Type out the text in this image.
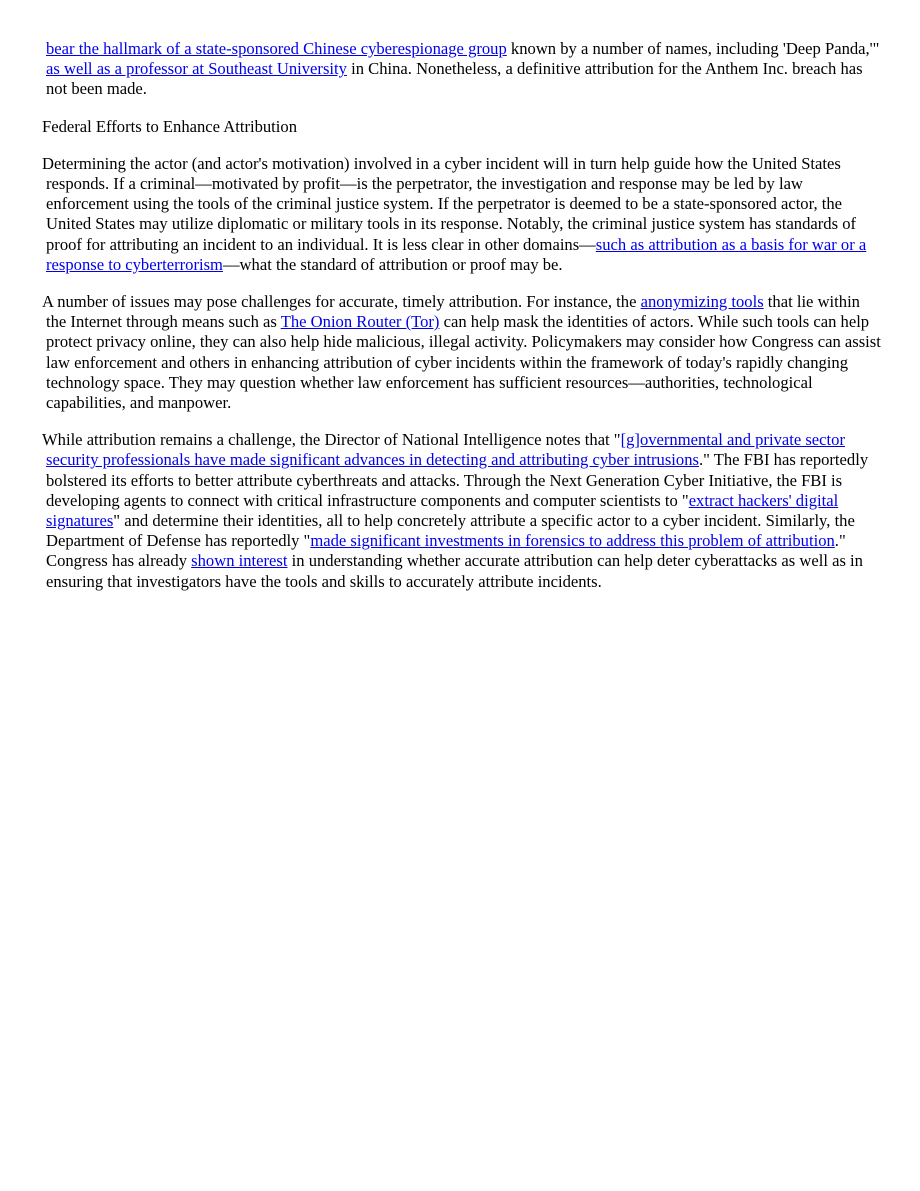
bear the hallmark of a state-sponsored Chinese cyberespionage group known by a number of names, including 'Deep Panda,'" as well as a professor at Southeast University in China. Nonetheless, a definitive attribution for the Anthem Inc. breach has not been made.

Federal Efforts to Enhance Attribution

Determining the actor (and actor's motivation) involved in a cyber incident will in turn help guide how the United States responds. If a criminal—motivated by profit—is the perpetrator, the investigation and response may be led by law enforcement using the tools of the criminal justice system. If the perpetrator is deemed to be a state-sponsored actor, the United States may utilize diplomatic or military tools in its response. Notably, the criminal justice system has standards of proof for attributing an incident to an individual. It is less clear in other domains—such as attribution as a basis for war or a response to cyberterrorism—what the standard of attribution or proof may be.

A number of issues may pose challenges for accurate, timely attribution. For instance, the anonymizing tools that lie within the Internet through means such as The Onion Router (Tor) can help mask the identities of actors. While such tools can help protect privacy online, they can also help hide malicious, illegal activity. Policymakers may consider how Congress can assist law enforcement and others in enhancing attribution of cyber incidents within the framework of today's rapidly changing technology space. They may question whether law enforcement has sufficient resources—authorities, technological capabilities, and manpower.

While attribution remains a challenge, the Director of National Intelligence notes that "[g]overnmental and private sector security professionals have made significant advances in detecting and attributing cyber intrusions." The FBI has reportedly bolstered its efforts to better attribute cyberthreats and attacks. Through the Next Generation Cyber Initiative, the FBI is developing agents to connect with critical infrastructure components and computer scientists to "extract hackers' digital signatures" and determine their identities, all to help concretely attribute a specific actor to a cyber incident. Similarly, the Department of Defense has reportedly "made significant investments in forensics to address this problem of attribution." Congress has already shown interest in understanding whether accurate attribution can help deter cyberattacks as well as in ensuring that investigators have the tools and skills to accurately attribute incidents.
